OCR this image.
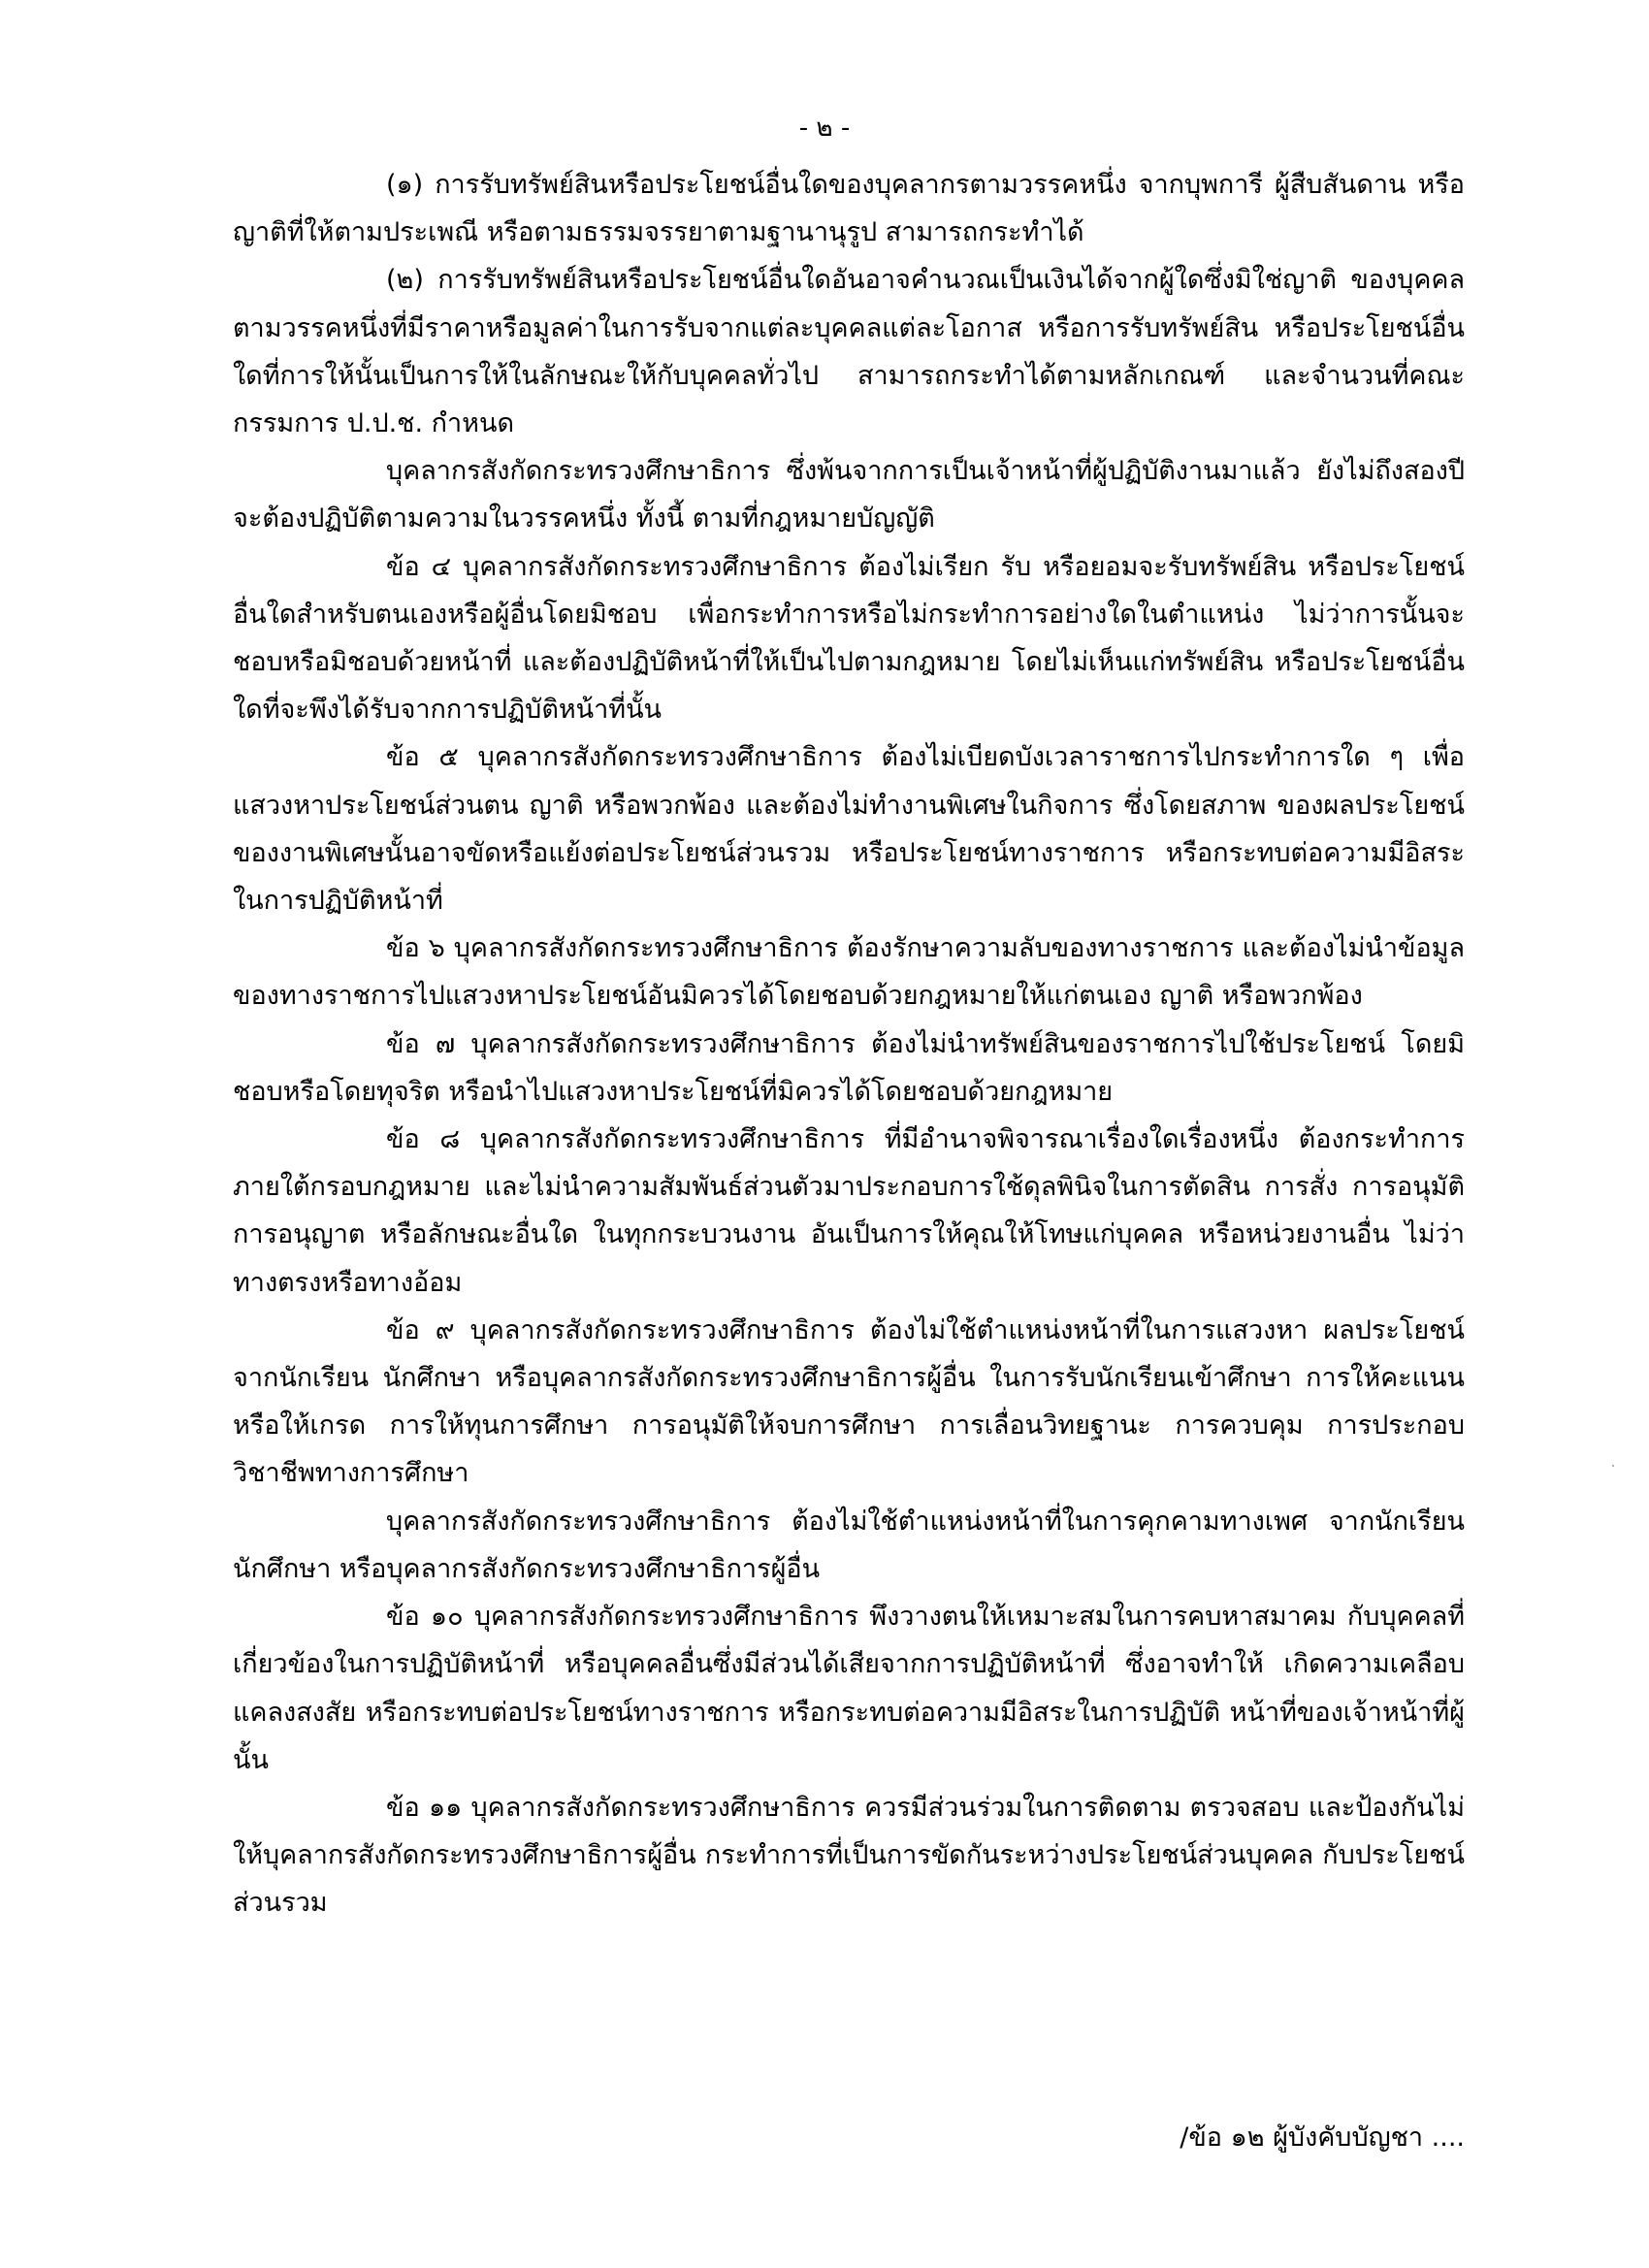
- ๒ -

(๑) การรับทรัพย์สินหรือประโยชน์อื่นใดของบุคลากรตามวรรคหนึ่ง จากบุพการี ผู้สืบสันดาน หรือญาติที่ให้ตามประเพณี หรือตามธรรมจรรยาตามฐานานุรูป สามารถกระทำได้

(๒) การรับทรัพย์สินหรือประโยชน์อื่นใดอันอาจคำนวณเป็นเงินได้จากผู้ใดซึ่งมิใช่ญาติ ของบุคคลตามวรรคหนึ่งที่มีราคาหรือมูลค่าในการรับจากแต่ละบุคคลแต่ละโอกาส หรือการรับทรัพย์สิน หรือประโยชน์อื่นใดที่การให้นั้นเป็นการให้ในลักษณะให้กับบุคคลทั่วไป สามารถกระทำได้ตามหลักเกณฑ์ และจำนวนที่คณะกรรมการ ป.ป.ช. กำหนด

บุคลากรสังกัดกระทรวงศึกษาธิการ ซึ่งพ้นจากการเป็นเจ้าหน้าที่ผู้ปฏิบัติงานมาแล้ว ยังไม่ถึงสองปี จะต้องปฏิบัติตามความในวรรคหนึ่ง ทั้งนี้ ตามที่กฎหมายบัญญัติ

ข้อ ๔ บุคลากรสังกัดกระทรวงศึกษาธิการ ต้องไม่เรียก รับ หรือยอมจะรับทรัพย์สิน หรือประโยชน์อื่นใดสำหรับตนเองหรือผู้อื่นโดยมิชอบ เพื่อกระทำการหรือไม่กระทำการอย่างใดในตำแหน่ง ไม่ว่าการนั้นจะชอบหรือมิชอบด้วยหน้าที่ และต้องปฏิบัติหน้าที่ให้เป็นไปตามกฎหมาย โดยไม่เห็นแก่ทรัพย์สิน หรือประโยชน์อื่นใดที่จะพึงได้รับจากการปฏิบัติหน้าที่นั้น

ข้อ ๕ บุคลากรสังกัดกระทรวงศึกษาธิการ ต้องไม่เบียดบังเวลาราชการไปกระทำการใด ๆ เพื่อแสวงหาประโยชน์ส่วนตน ญาติ หรือพวกพ้อง และต้องไม่ทำงานพิเศษในกิจการ ซึ่งโดยสภาพ ของผลประโยชน์ของงานพิเศษนั้นอาจขัดหรือแย้งต่อประโยชน์ส่วนรวม หรือประโยชน์ทางราชการ หรือกระทบต่อความมีอิสระในการปฏิบัติหน้าที่

ข้อ ๖ บุคลากรสังกัดกระทรวงศึกษาธิการ ต้องรักษาความลับของทางราชการ และต้องไม่นำข้อมูล ของทางราชการไปแสวงหาประโยชน์อันมิควรได้โดยชอบด้วยกฎหมายให้แก่ตนเอง ญาติ หรือพวกพ้อง

ข้อ ๗ บุคลากรสังกัดกระทรวงศึกษาธิการ ต้องไม่นำทรัพย์สินของราชการไปใช้ประโยชน์ โดยมิชอบหรือโดยทุจริต หรือนำไปแสวงหาประโยชน์ที่มิควรได้โดยชอบด้วยกฎหมาย

ข้อ ๘ บุคลากรสังกัดกระทรวงศึกษาธิการ ที่มีอำนาจพิจารณาเรื่องใดเรื่องหนึ่ง ต้องกระทำการภายใต้กรอบกฎหมาย และไม่นำความสัมพันธ์ส่วนตัวมาประกอบการใช้ดุลพินิจในการตัดสิน การสั่ง การอนุมัติ การอนุญาต หรือลักษณะอื่นใด ในทุกกระบวนงาน อันเป็นการให้คุณให้โทษแก่บุคคล หรือหน่วยงานอื่น ไม่ว่าทางตรงหรือทางอ้อม

ข้อ ๙ บุคลากรสังกัดกระทรวงศึกษาธิการ ต้องไม่ใช้ตำแหน่งหน้าที่ในการแสวงหา ผลประโยชน์จากนักเรียน นักศึกษา หรือบุคลากรสังกัดกระทรวงศึกษาธิการผู้อื่น ในการรับนักเรียนเข้าศึกษา การให้คะแนนหรือให้เกรด การให้ทุนการศึกษา การอนุมัติให้จบการศึกษา การเลื่อนวิทยฐานะ การควบคุม การประกอบวิชาชีพทางการศึกษา

บุคลากรสังกัดกระทรวงศึกษาธิการ ต้องไม่ใช้ตำแหน่งหน้าที่ในการคุกคามทางเพศ จากนักเรียน นักศึกษา หรือบุคลากรสังกัดกระทรวงศึกษาธิการผู้อื่น

ข้อ ๑๐ บุคลากรสังกัดกระทรวงศึกษาธิการ พึงวางตนให้เหมาะสมในการคบหาสมาคม กับบุคคลที่เกี่ยวข้องในการปฏิบัติหน้าที่ หรือบุคคลอื่นซึ่งมีส่วนได้เสียจากการปฏิบัติหน้าที่ ซึ่งอาจทำให้ เกิดความเคลือบแคลงสงสัย หรือกระทบต่อประโยชน์ทางราชการ หรือกระทบต่อความมีอิสระในการปฏิบัติ หน้าที่ของเจ้าหน้าที่ผู้นั้น

ข้อ ๑๑ บุคลากรสังกัดกระทรวงศึกษาธิการ ควรมีส่วนร่วมในการติดตาม ตรวจสอบ และป้องกันไม่ให้บุคลากรสังกัดกระทรวงศึกษาธิการผู้อื่น กระทำการที่เป็นการขัดกันระหว่างประโยชน์ส่วนบุคคล กับประโยชน์ส่วนรวม

/ข้อ ๑๒ ผู้บังคับบัญชา ....
